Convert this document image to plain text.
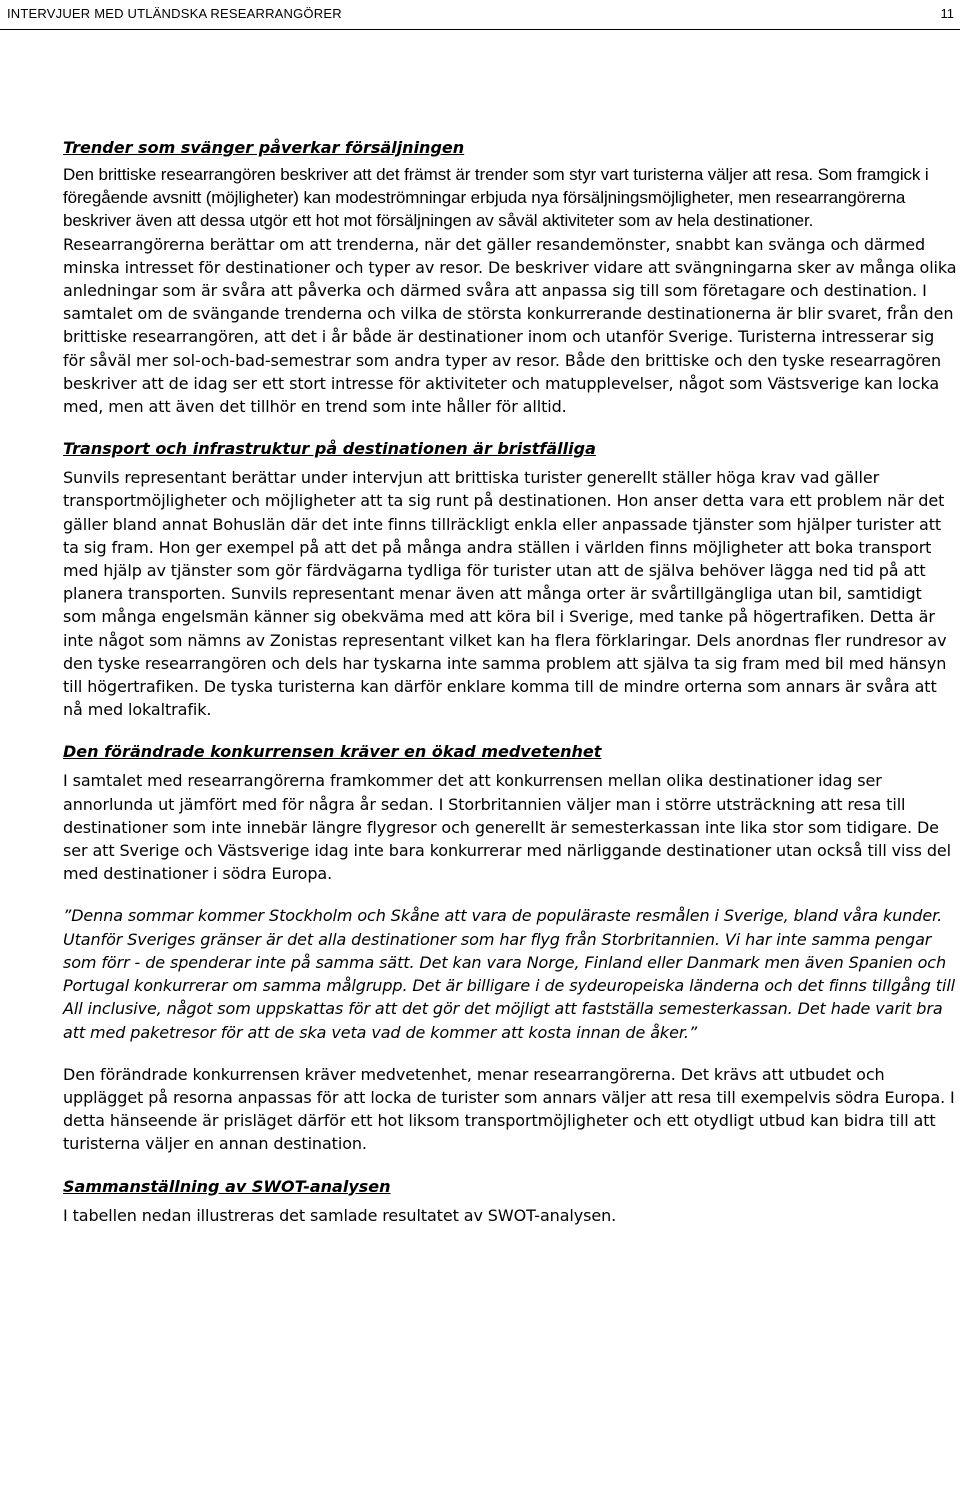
INTERVJUER MED UTLÄNDSKA RESEARRANGÖRER	11
Trender som svänger påverkar försäljningen

Den brittiske researrangören beskriver att det främst är trender som styr vart turisterna väljer att resa. Som framgick i föregående avsnitt (möjligheter) kan modeströmningar erbjuda nya försäljningsmöjligheter, men researrangörerna beskriver även att dessa utgör ett hot mot försäljningen av såväl aktiviteter som av hela destinationer. Researrangörerna berättar om att trenderna, när det gäller resandemönster, snabbt kan svänga och därmed minska intresset för destinationer och typer av resor. De beskriver vidare att svängningarna sker av många olika anledningar som är svåra att påverka och därmed svåra att anpassa sig till som företagare och destination. I samtalet om de svängande trenderna och vilka de största konkurrerande destinationerna är blir svaret, från den brittiske researrangören, att det i år både är destinationer inom och utanför Sverige. Turisterna intresserar sig för såväl mer sol-och-bad-semestrar som andra typer av resor. Både den brittiske och den tyske researragören beskriver att de idag ser ett stort intresse för aktiviteter och matupplevelser, något som Västsverige kan locka med, men att även det tillhör en trend som inte håller för alltid.

Transport och infrastruktur på destinationen är bristfälliga

Sunvils representant berättar under intervjun att brittiska turister generellt ställer höga krav vad gäller transportmöjligheter och möjligheter att ta sig runt på destinationen. Hon anser detta vara ett problem när det gäller bland annat Bohuslän där det inte finns tillräckligt enkla eller anpassade tjänster som hjälper turister att ta sig fram. Hon ger exempel på att det på många andra ställen i världen finns möjligheter att boka transport med hjälp av tjänster som gör färdvägarna tydliga för turister utan att de själva behöver lägga ned tid på att planera transporten. Sunvils representant menar även att många orter är svårtillgängliga utan bil, samtidigt som många engelsmän känner sig obekväma med att köra bil i Sverige, med tanke på högertrafiken. Detta är inte något som nämns av Zonistas representant vilket kan ha flera förklaringar. Dels anordnas fler rundresor av den tyske researrangören och dels har tyskarna inte samma problem att själva ta sig fram med bil med hänsyn till högertrafiken. De tyska turisterna kan därför enklare komma till de mindre orterna som annars är svåra att nå med lokaltrafik.

Den förändrade konkurrensen kräver en ökad medvetenhet

I samtalet med researrangörerna framkommer det att konkurrensen mellan olika destinationer idag ser annorlunda ut jämfört med för några år sedan. I Storbritannien väljer man i större utsträckning att resa till destinationer som inte innebär längre flygresor och generellt är semesterkassan inte lika stor som tidigare. De ser att Sverige och Västsverige idag inte bara konkurrerar med närliggande destinationer utan också till viss del med destinationer i södra Europa.

”Denna sommar kommer Stockholm och Skåne att vara de populäraste resmålen i Sverige, bland våra kunder. Utanför Sveriges gränser är det alla destinationer som har flyg från Storbritannien. Vi har inte samma pengar som förr - de spenderar inte på samma sätt. Det kan vara Norge, Finland eller Danmark men även Spanien och Portugal konkurrerar om samma målgrupp. Det är billigare i de sydeuropeiska länderna och det finns tillgång till All inclusive, något som uppskattas för att det gör det möjligt att fastställa semesterkassan. Det hade varit bra att med paketresor för att de ska veta vad de kommer att kosta innan de åker.”

Den förändrade konkurrensen kräver medvetenhet, menar researrangörerna. Det krävs att utbudet och upplägget på resorna anpassas för att locka de turister som annars väljer att resa till exempelvis södra Europa. I detta hänseende är prisläget därför ett hot liksom transportmöjligheter och ett otydligt utbud kan bidra till att turisterna väljer en annan destination.

Sammanställning av SWOT-analysen

I tabellen nedan illustreras det samlade resultatet av SWOT-analysen.
